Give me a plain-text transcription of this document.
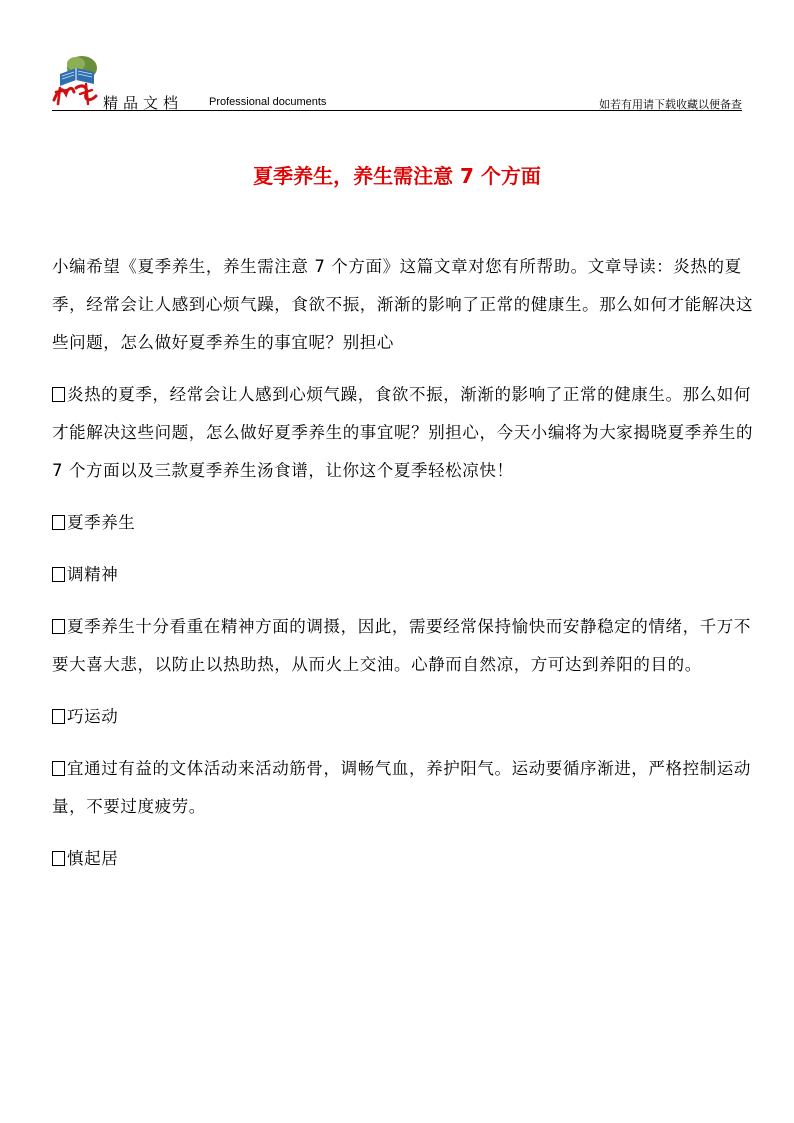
精品文档 Professional documents	如若有用请下载收藏以便备查
夏季养生，养生需注意 7 个方面

小编希望《夏季养生，养生需注意 7 个方面》这篇文章对您有所帮助。文章导读：炎热的夏季，经常会让人感到心烦气躁，食欲不振，渐渐的影响了正常的健康生。那么如何才能解决这些问题，怎么做好夏季养生的事宜呢？别担心

炎热的夏季，经常会让人感到心烦气躁，食欲不振，渐渐的影响了正常的健康生。那么如何才能解决这些问题，怎么做好夏季养生的事宜呢？别担心，今天小编将为大家揭晓夏季养生的 7 个方面以及三款夏季养生汤食谱，让你这个夏季轻松凉快！

夏季养生

调精神

夏季养生十分看重在精神方面的调摄，因此，需要经常保持愉快而安静稳定的情绪，千万不要大喜大悲，以防止以热助热，从而火上交油。心静而自然凉，方可达到养阳的目的。

巧运动

宜通过有益的文体活动来活动筋骨，调畅气血，养护阳气。运动要循序渐进，严格控制运动量，不要过度疲劳。

慎起居
